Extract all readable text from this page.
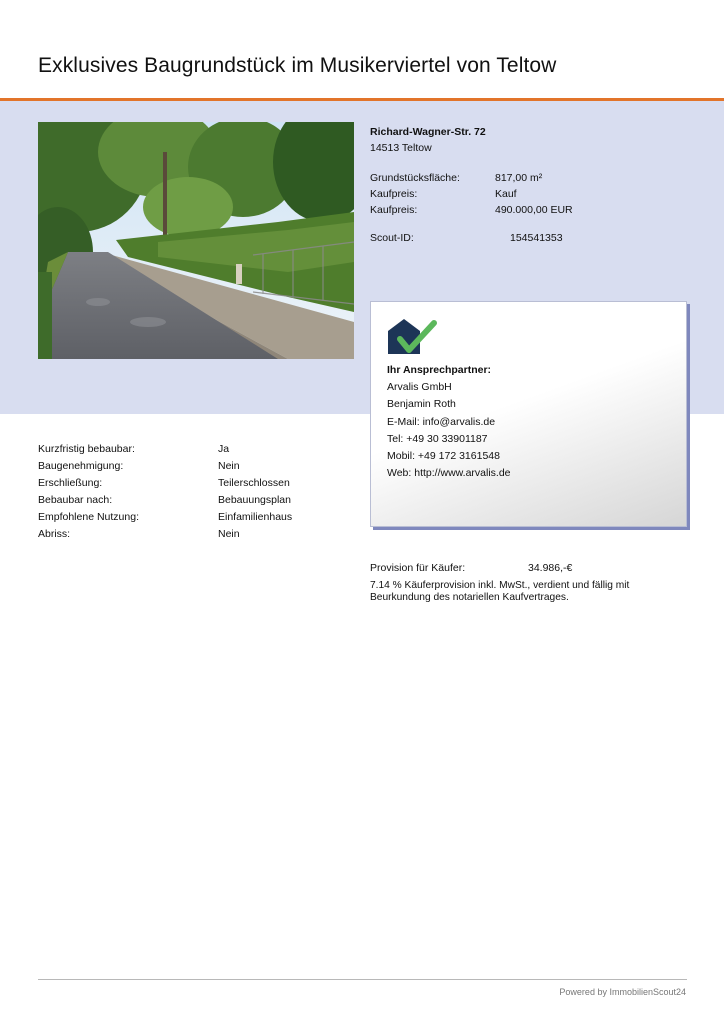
Exklusives Baugrundstück im Musikerviertel von Teltow
Richard-Wagner-Str. 72
14513 Teltow
Grundstücksfläche:	817,00 m²
Kaufpreis:	Kauf
Kaufpreis:	490.000,00 EUR
Scout-ID:	154541353
Ihr Ansprechpartner:
Arvalis GmbH
Benjamin Roth
E-Mail: info@arvalis.de
Tel: +49 30 33901187
Mobil: +49 172 3161548
Web: http://www.arvalis.de
Kurzfristig bebaubar:	Ja
Baugenehmigung:	Nein
Erschließung:	Teilerschlossen
Bebaubar nach:	Bebauungsplan
Empfohlene Nutzung:	Einfamilienhaus
Abriss:	Nein
Provision für Käufer:	34.986,-€
7.14 % Käuferprovision inkl. MwSt., verdient und fällig mit Beurkundung des notariellen Kaufvertrages.
Powered by ImmobilienScout24
